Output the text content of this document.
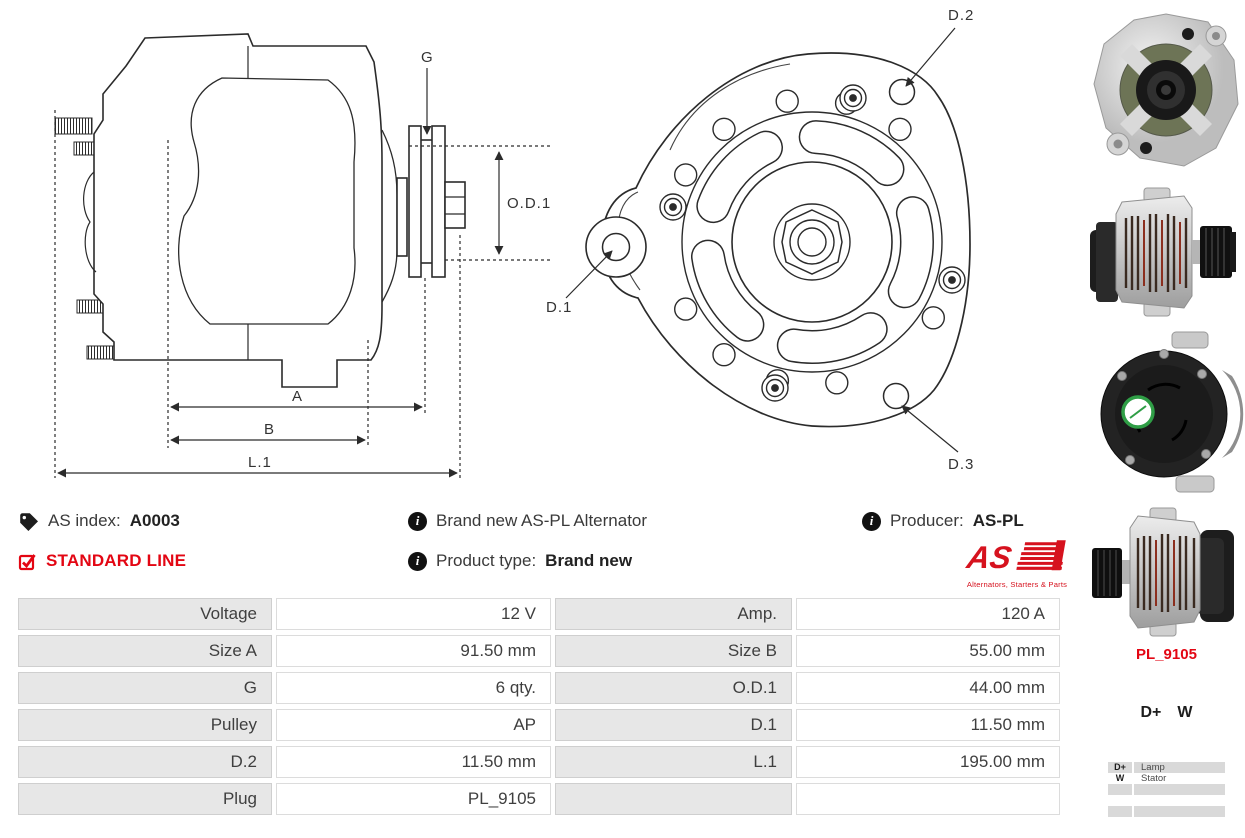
G
O.D.1
A
B
L.1
D.2
D.1
D.3
AS index: A0003
STANDARD LINE
i Brand new AS-PL Alternator
i Product type: Brand new
i Producer: AS-PL
AS
Alternators, Starters & Parts
Voltage	12 V	Amp.	120 A
Size A	91.50 mm	Size B	55.00 mm
G	6 qty.	O.D.1	44.00 mm
Pulley	AP	D.1	11.50 mm
D.2	11.50 mm	L.1	195.00 mm
Plug	PL_9105
PL_9105
D+ W
D+	Lamp
W	Stator
